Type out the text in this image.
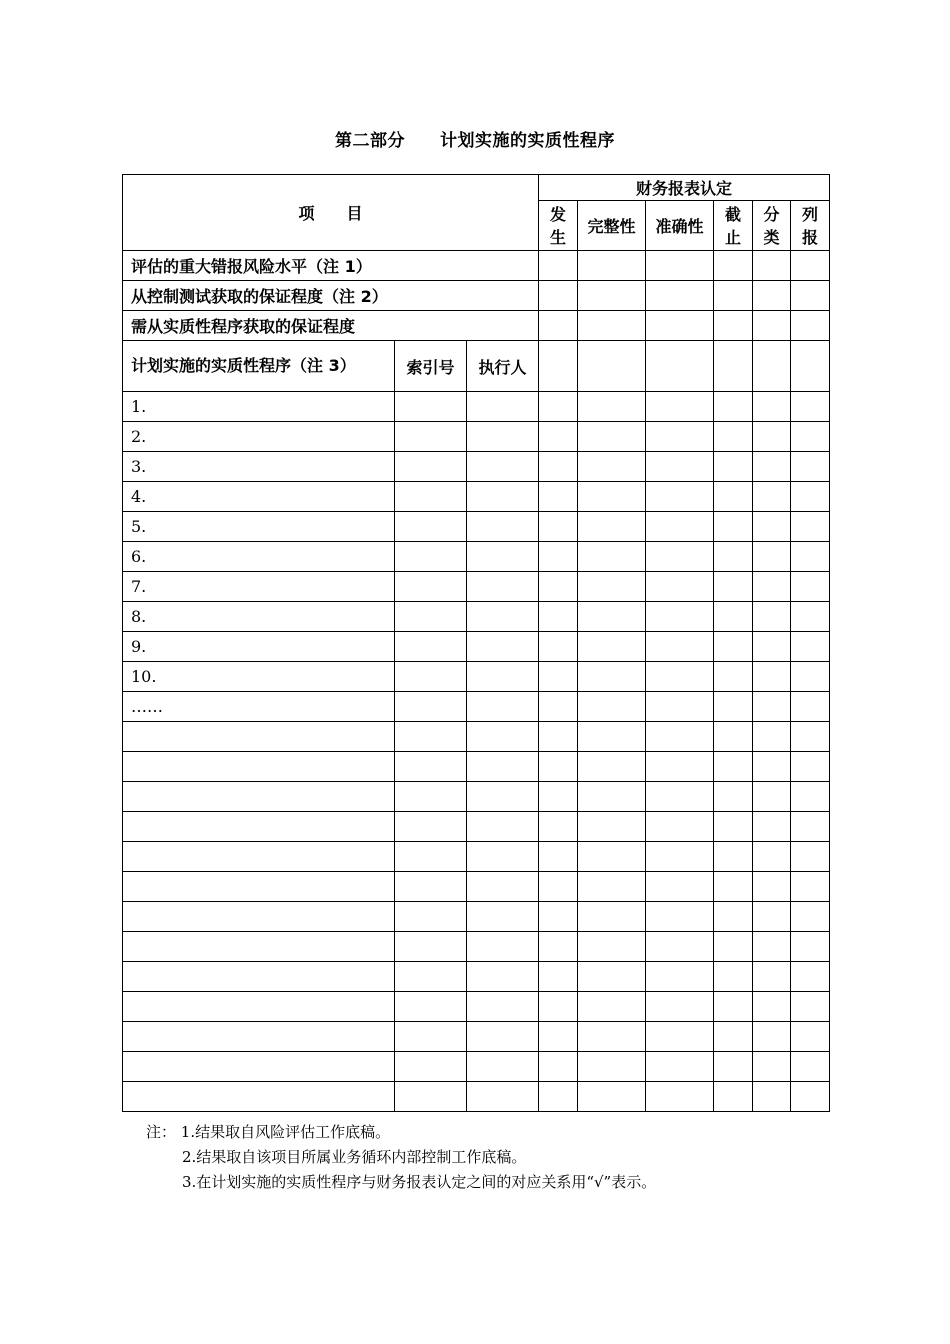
第二部分　　计划实施的实质性程序
项　　目			财务报表认定					
			发生	完整性	准确性	截止	分类	列报
评估的重大错报风险水平（注 1）								
从控制测试获取的保证程度（注 2）								
需从实质性程序获取的保证程度								
计划实施的实质性程序（注 3）	索引号	执行人						
1.								
2.								
3.								
4.								
5.								
6.								
7.								
8.								
9.								
10.								
……								

注： 1.结果取自风险评估工作底稿。
2.结果取自该项目所属业务循环内部控制工作底稿。
3.在计划实施的实质性程序与财务报表认定之间的对应关系用“√”表示。
